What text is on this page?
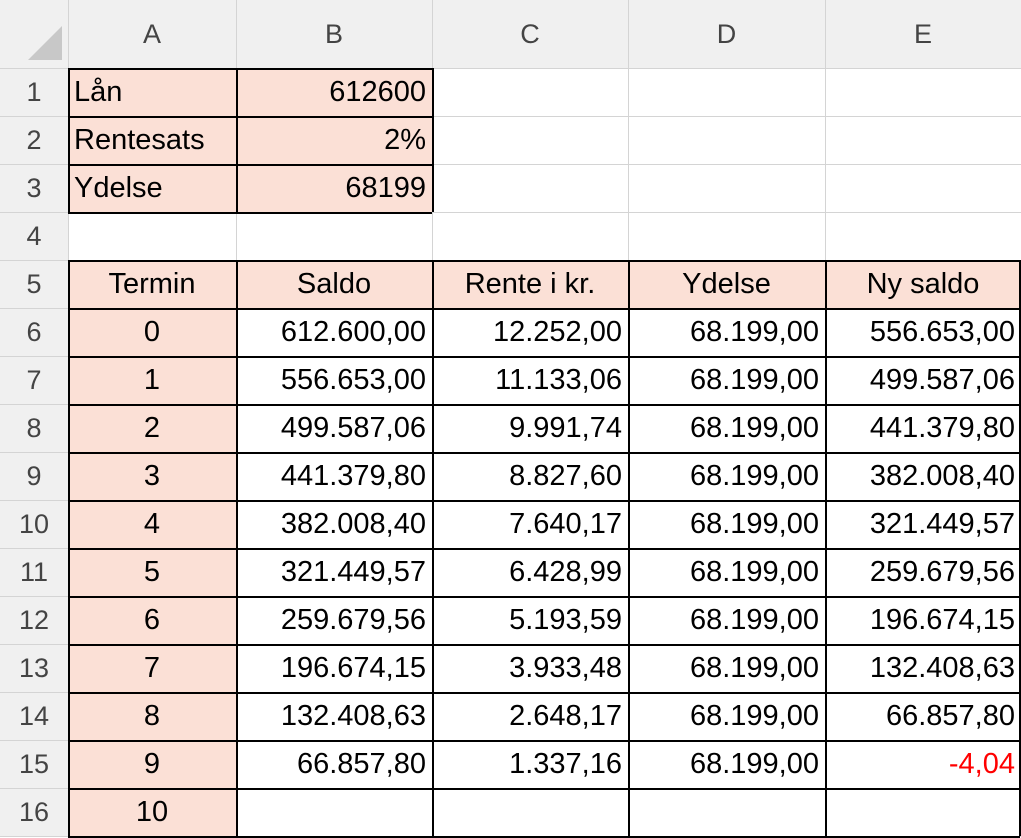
A	B	C	D	E
1
2
3
4
5
6
7
8
9
10
11
12
13
14
15
16
Lån	612600
Rentesats	2%
Ydelse	68199
Termin	Saldo	Rente i kr.	Ydelse	Ny saldo
0	612.600,00	12.252,00	68.199,00	556.653,00
1	556.653,00	11.133,06	68.199,00	499.587,06
2	499.587,06	9.991,74	68.199,00	441.379,80
3	441.379,80	8.827,60	68.199,00	382.008,40
4	382.008,40	7.640,17	68.199,00	321.449,57
5	321.449,57	6.428,99	68.199,00	259.679,56
6	259.679,56	5.193,59	68.199,00	196.674,15
7	196.674,15	3.933,48	68.199,00	132.408,63
8	132.408,63	2.648,17	68.199,00	66.857,80
9	66.857,80	1.337,16	68.199,00	-4,04
10
